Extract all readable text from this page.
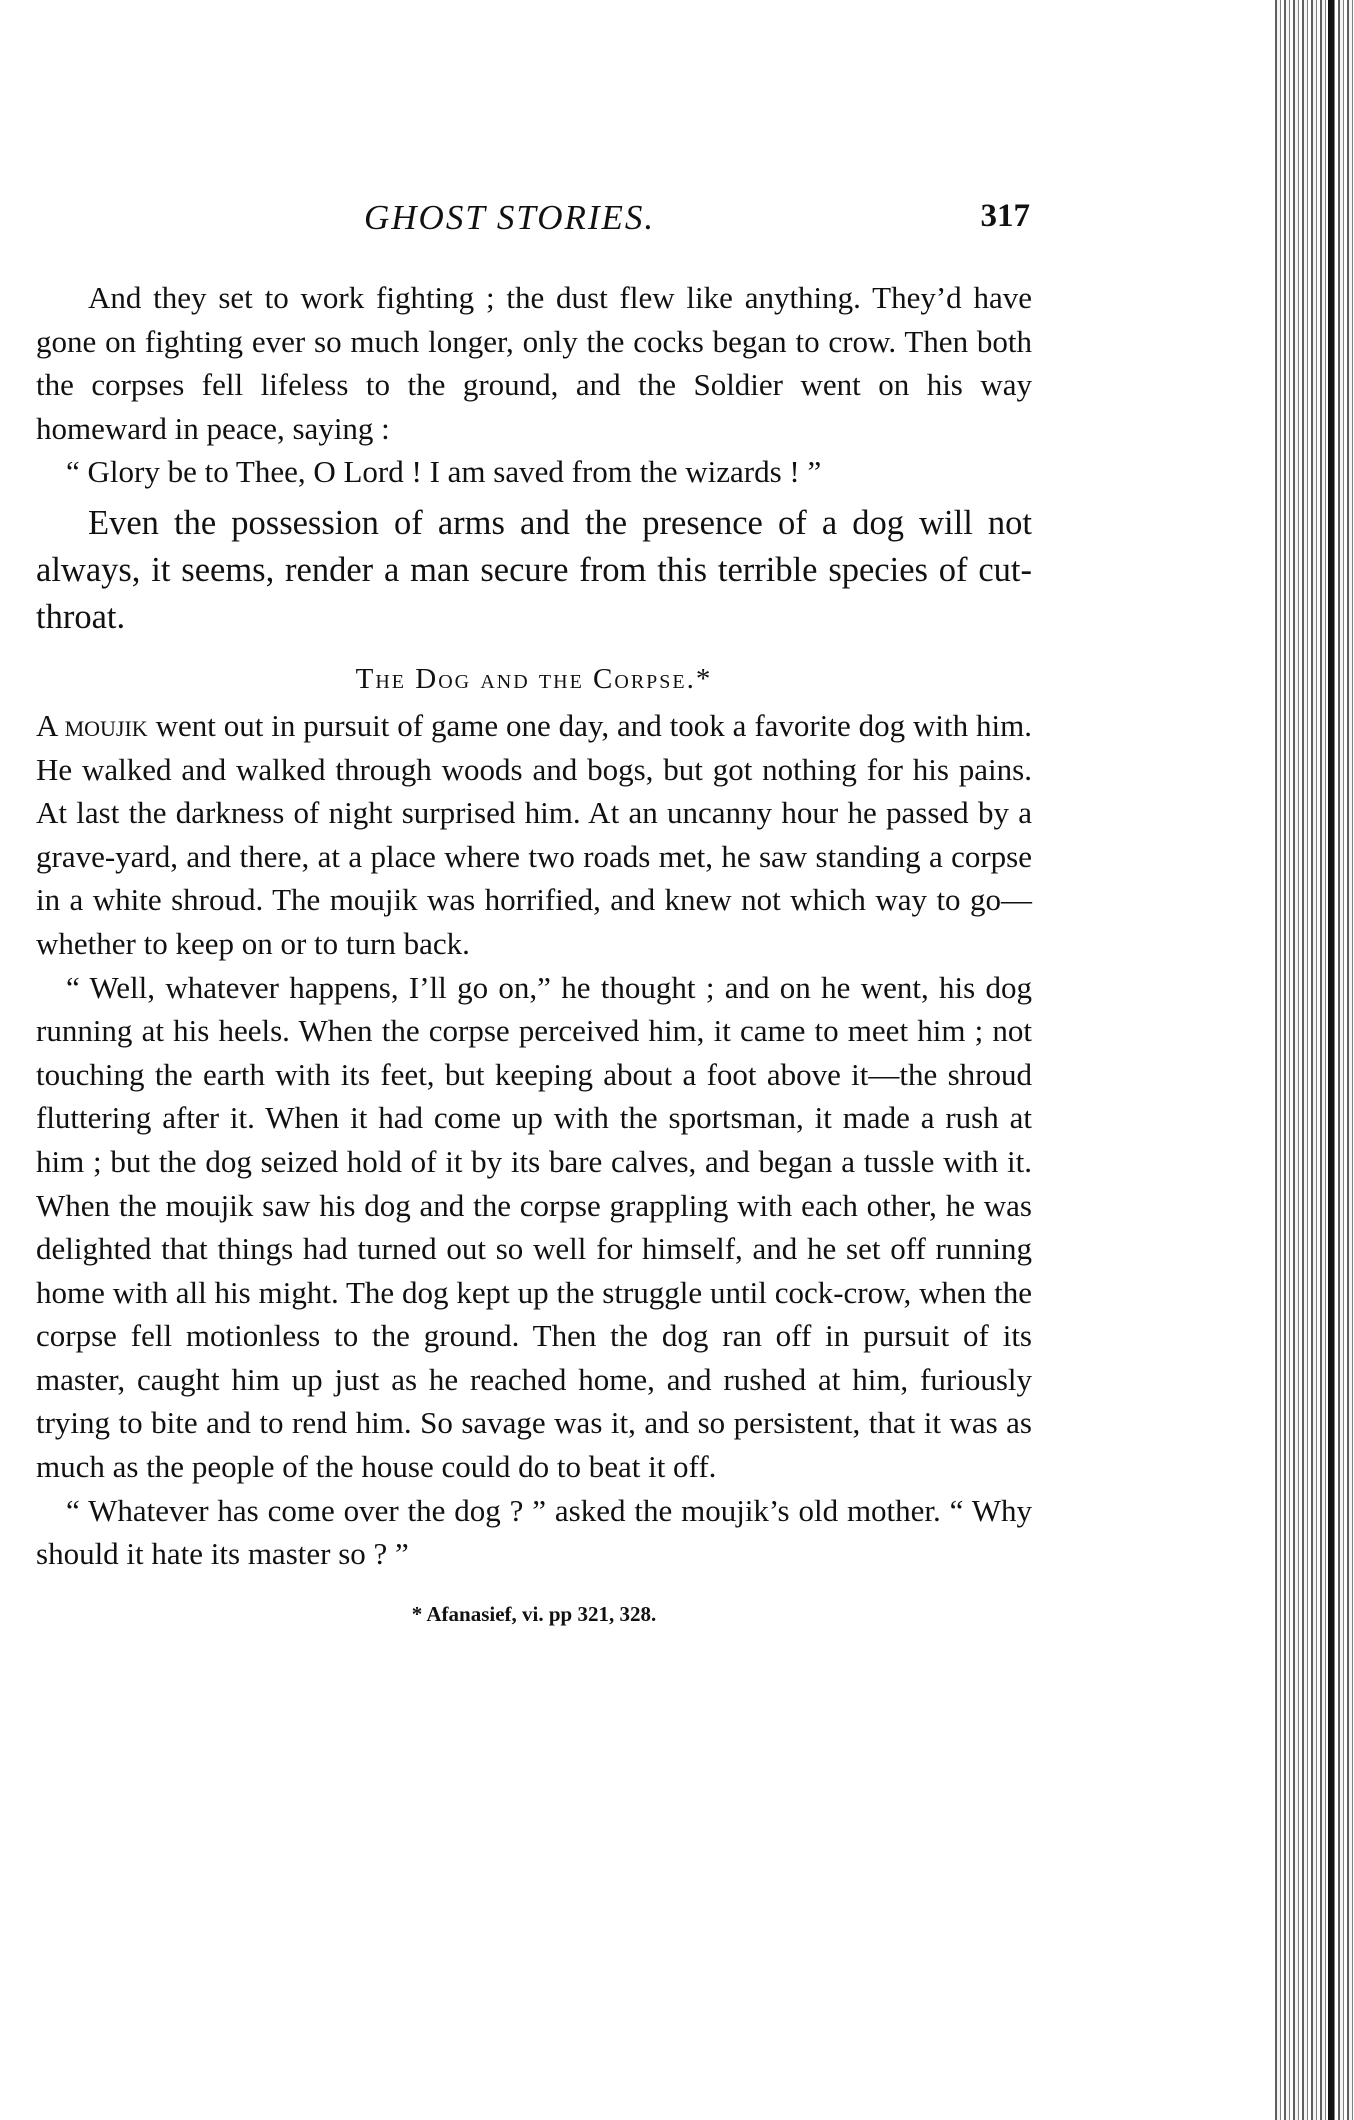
GHOST STORIES.	317

And they set to work fighting ; the dust flew like anything. They’d have gone on fighting ever so much longer, only the cocks began to crow. Then both the corpses fell lifeless to the ground, and the Soldier went on his way homeward in peace, saying :

“ Glory be to Thee, O Lord ! I am saved from the wizards ! ”

Even the possession of arms and the presence of a dog will not always, it seems, render a man secure from this terrible species of cut-throat.

The Dog and the Corpse.*

A moujik went out in pursuit of game one day, and took a favorite dog with him. He walked and walked through woods and bogs, but got nothing for his pains. At last the darkness of night surprised him. At an uncanny hour he passed by a grave-yard, and there, at a place where two roads met, he saw standing a corpse in a white shroud. The moujik was horrified, and knew not which way to go—whether to keep on or to turn back.

“ Well, whatever happens, I’ll go on,” he thought ; and on he went, his dog running at his heels. When the corpse perceived him, it came to meet him ; not touching the earth with its feet, but keeping about a foot above it—the shroud fluttering after it. When it had come up with the sportsman, it made a rush at him ; but the dog seized hold of it by its bare calves, and began a tussle with it. When the moujik saw his dog and the corpse grappling with each other, he was delighted that things had turned out so well for himself, and he set off running home with all his might. The dog kept up the struggle until cock-crow, when the corpse fell motionless to the ground. Then the dog ran off in pursuit of its master, caught him up just as he reached home, and rushed at him, furiously trying to bite and to rend him. So savage was it, and so persistent, that it was as much as the people of the house could do to beat it off.

“ Whatever has come over the dog ? ” asked the moujik’s old mother. “ Why should it hate its master so ? ”

* Afanasief, vi. pp 321, 328.
